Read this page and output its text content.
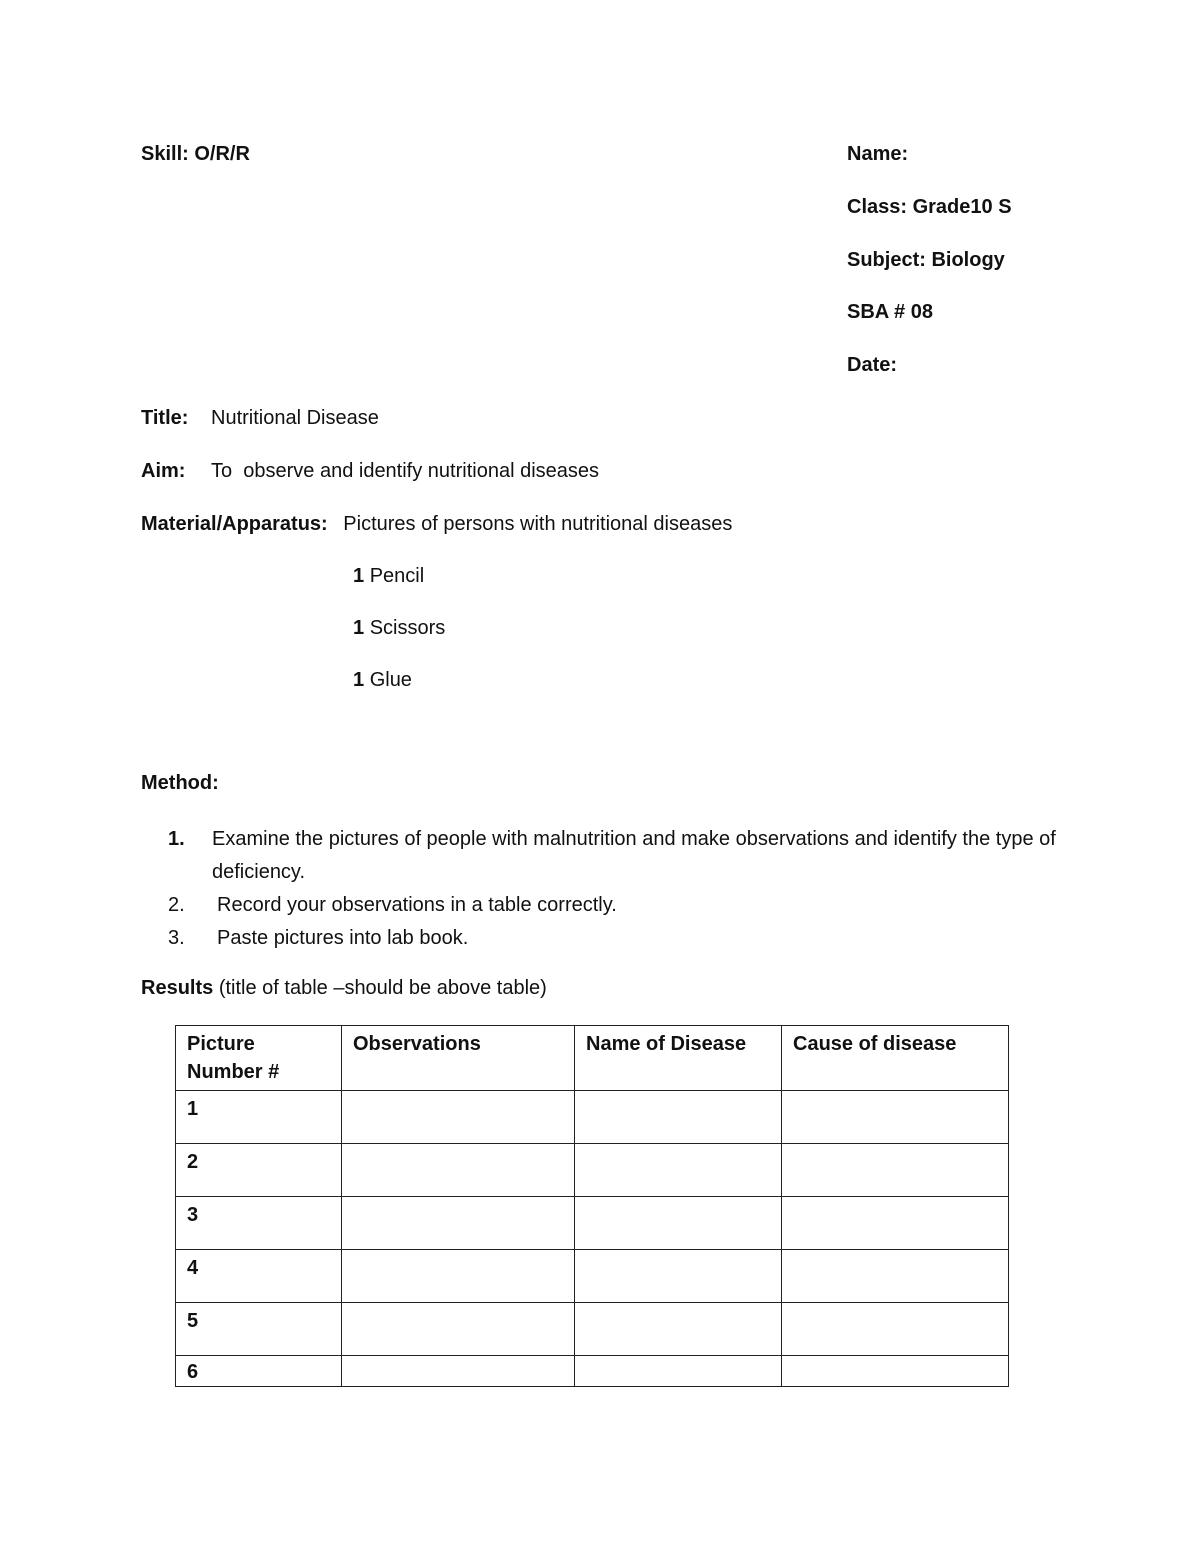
Skill: O/R/R	Name:
Class: Grade10 S
Subject: Biology
SBA # 08
Date:
Title: Nutritional Disease
Aim: To  observe and identify nutritional diseases
Material/Apparatus: Pictures of persons with nutritional diseases
1 Pencil
1 Scissors
1 Glue
Method:
1.	Examine the pictures of people with malnutrition and make observations and identify the type of deficiency.
2.	Record your observations in a table correctly.
3.	Paste pictures into lab book.
Results (title of table –should be above table)
Picture Number #	Observations	Name of Disease	Cause of disease
1			
2			
3			
4			
5			
6			
